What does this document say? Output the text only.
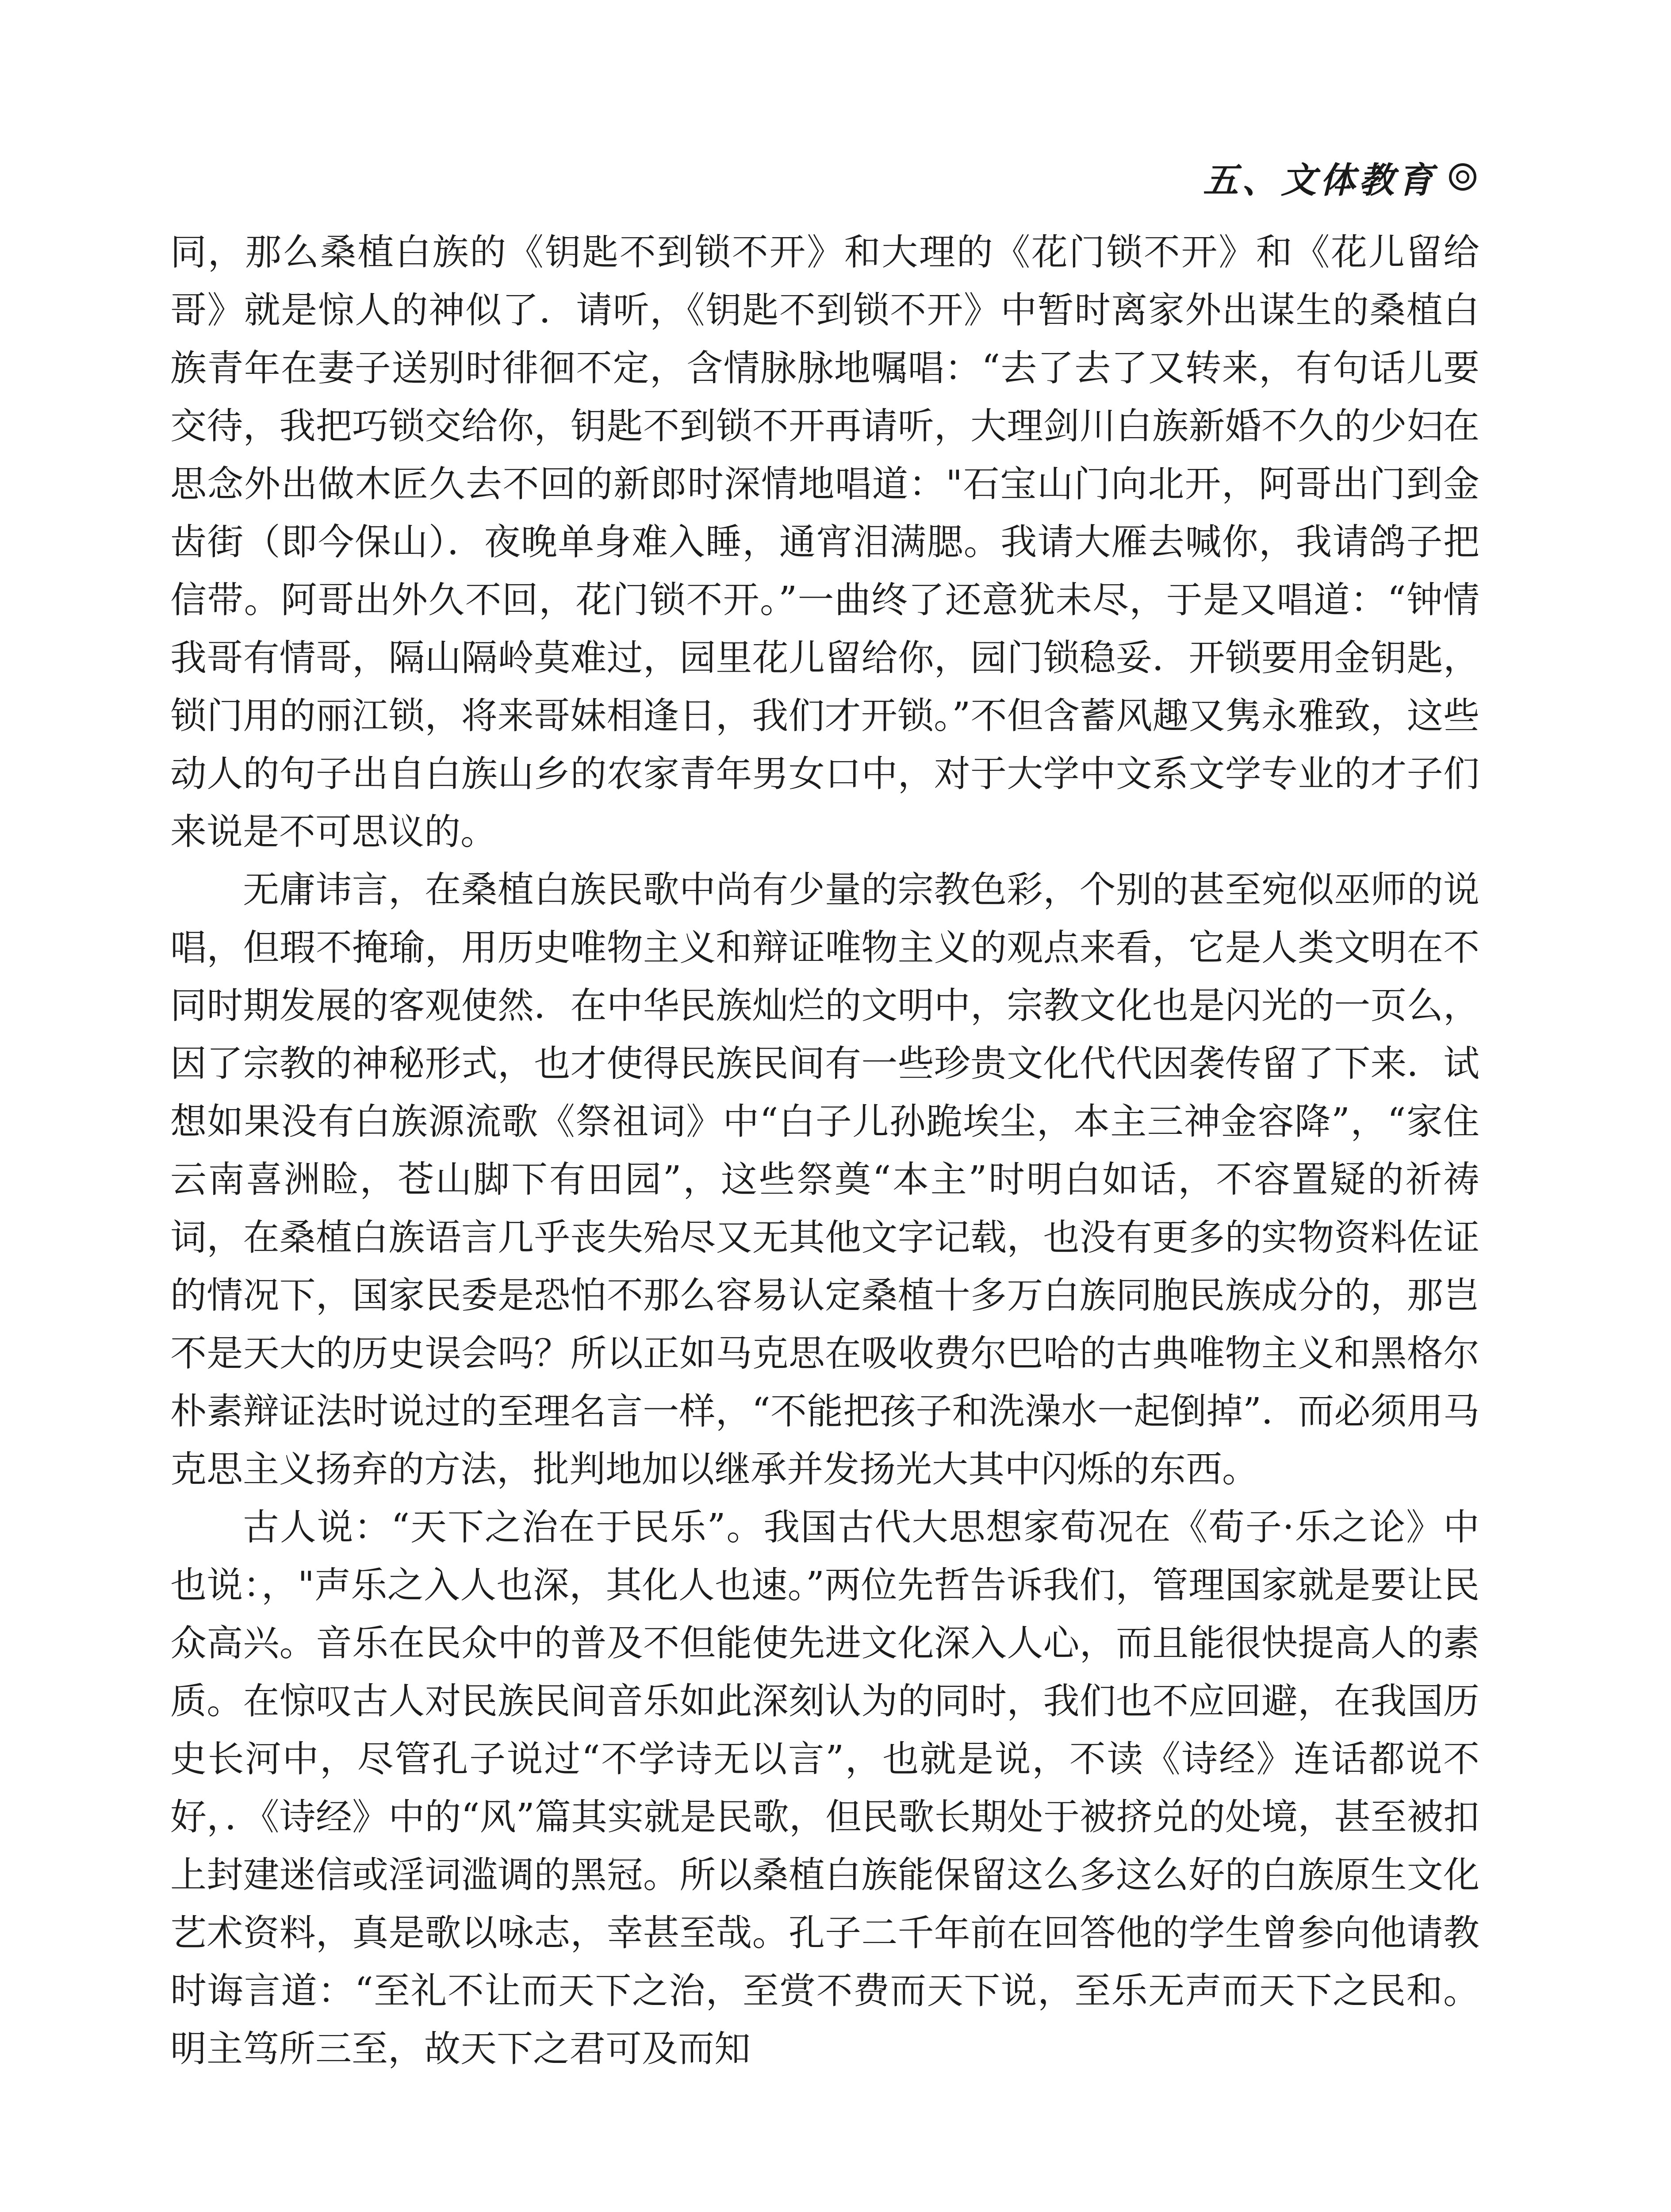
五、文体教育

同，那么桑植白族的《钥匙不到锁不开》和大理的《花门锁不开》和《花儿留给哥》就是惊人的神似了．请听，《钥匙不到锁不开》中暂时离家外出谋生的桑植白族青年在妻子送别时徘徊不定，含情脉脉地嘱唱：“去了去了又转来，有句话儿要交待，我把巧锁交给你，钥匙不到锁不开再请听，大理剑川白族新婚不久的少妇在思念外出做木匠久去不回的新郎时深情地唱道："石宝山门向北开，阿哥出门到金齿街（即今保山）．夜晚单身难入睡，通宵泪满腮。我请大雁去喊你，我请鸽子把信带。阿哥出外久不回，花门锁不开。”一曲终了还意犹未尽，于是又唱道：“钟情我哥有情哥，隔山隔岭莫难过，园里花儿留给你，园门锁稳妥．开锁要用金钥匙，锁门用的丽江锁，将来哥妹相逢日，我们才开锁。”不但含蓄风趣又隽永雅致，这些动人的句子出自白族山乡的农家青年男女口中，对于大学中文系文学专业的才子们来说是不可思议的。

无庸讳言，在桑植白族民歌中尚有少量的宗教色彩，个别的甚至宛似巫师的说唱，但瑕不掩瑜，用历史唯物主义和辩证唯物主义的观点来看，它是人类文明在不同时期发展的客观使然．在中华民族灿烂的文明中，宗教文化也是闪光的一页么，因了宗教的神秘形式，也才使得民族民间有一些珍贵文化代代因袭传留了下来．试想如果没有白族源流歌《祭祖词》中“白子儿孙跪埃尘，本主三神金容降”，“家住云南喜洲睑，苍山脚下有田园”，这些祭奠“本主”时明白如话，不容置疑的祈祷词，在桑植白族语言几乎丧失殆尽又无其他文字记载，也没有更多的实物资料佐证的情况下，国家民委是恐怕不那么容易认定桑植十多万白族同胞民族成分的，那岂不是天大的历史误会吗？所以正如马克思在吸收费尔巴哈的古典唯物主义和黑格尔朴素辩证法时说过的至理名言一样，“不能把孩子和洗澡水一起倒掉”．而必须用马克思主义扬弃的方法，批判地加以继承并发扬光大其中闪烁的东西。

古人说：“天下之治在于民乐”。我国古代大思想家荀况在《荀子·乐之论》中也说：，"声乐之入人也深，其化人也速。”两位先哲告诉我们，管理国家就是要让民众高兴。音乐在民众中的普及不但能使先进文化深入人心，而且能很快提高人的素质。在惊叹古人对民族民间音乐如此深刻认为的同时，我们也不应回避，在我国历史长河中，尽管孔子说过“不学诗无以言”，也就是说，不读《诗经》连话都说不好，．《诗经》中的“风”篇其实就是民歌，但民歌长期处于被挤兑的处境，甚至被扣上封建迷信或淫词滥调的黑冠。所以桑植白族能保留这么多这么好的白族原生文化艺术资料，真是歌以咏志，幸甚至哉。孔子二千年前在回答他的学生曾参向他请教时诲言道：“至礼不让而天下之治，至赏不费而天下说，至乐无声而天下之民和。明主笃所三至，故天下之君可及而知
